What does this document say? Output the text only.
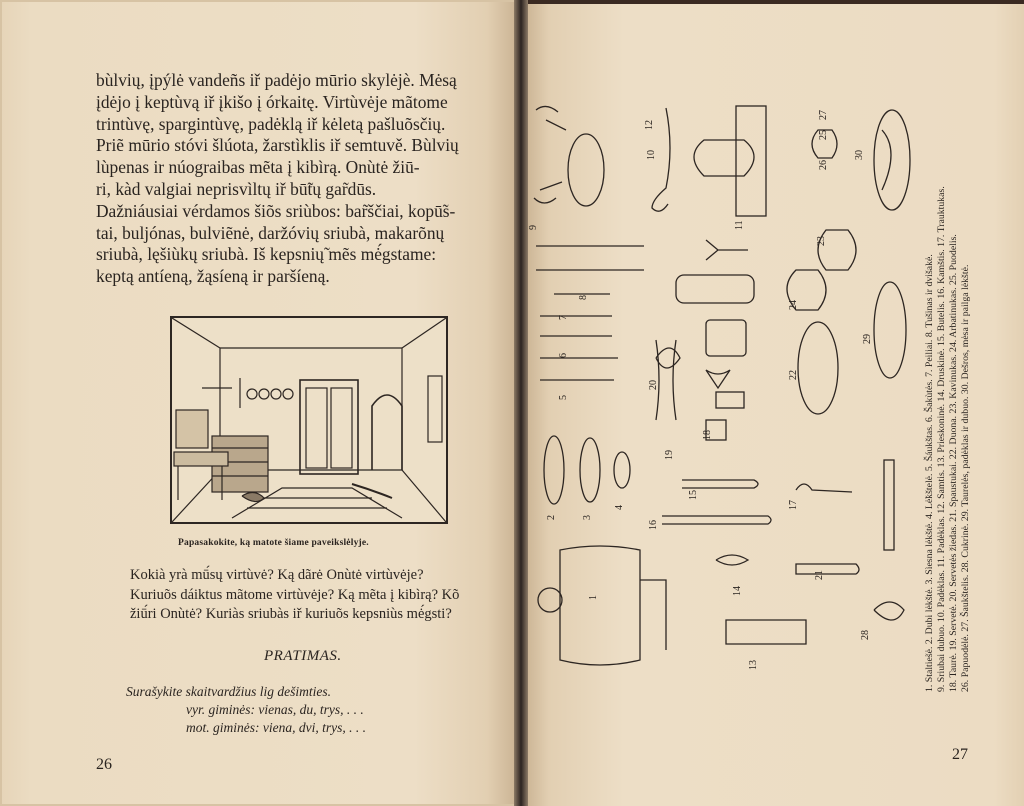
bùlvių, įpýlė vandeñs iř padėjo mūrio skylėjè. Mėsą
įdėjo į keptùvą iř įkišo į órkaitę. Virtùvėje mãtome
trintùvę, spargintùvę, padėklą iř kėletą pašluõsčių.
Priẽ mūrio stóvi šlúota, žarstìklis iř semtuvě. Bùlvių
lùpenas ir núograibas mẽta į kibìrą. Onùtė žiū-
ri, kàd valgiai neprisvìltų iř bū̃tų gar̃dūs.
Dažniáusiai vérdamos šiõs sriùbos: bar̃ščiai, kopū̃s-
tai, buljónas, bulviẽnė, daržóvių sriubà, makarõnų
sriubà, lęšiùkų sriubà. Iš kepsnių̃ mẽs mė́gstame:
keptą antíeną, žąsíeną ir paršíeną.
Papasakokite, ką matote šiame paveikslėlyje.
Kokià yrà mū́sų virtùvė? Ką dãrė Onùtė virtùvėje?
Kuriuõs dáiktus mãtome virtùvėje? Ką mẽta į kibìrą? Kõ
žiū́ri Onùtė? Kuriàs sriubàs iř kuriuõs kepsniùs mė́gsti?
PRATIMAS.
Surašykite skaitvardžius lig dešimties.
vyr. giminės: vienas, du, trys, . . .
mot. giminės: viena, dvi, trys, . . .
26
1
2	3
4
5
6
7
8
9
10
11
12
13
14
15
16
17
18
19
20
21
22
23
24
25
26
27
28
29
30
27
